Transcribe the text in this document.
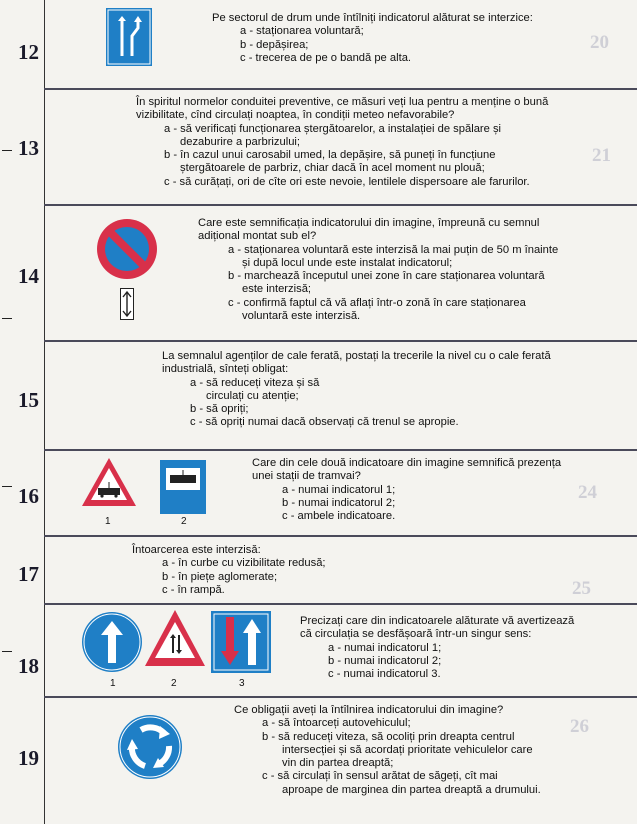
20
21
24
25
26
12
Pe sectorul de drum unde întîlniți indicatorul alăturat se interzice:
a - staționarea voluntară;
b - depășirea;
c - trecerea de pe o bandă pe alta.
13
În spiritul normelor conduitei preventive, ce măsuri veți lua pentru a menține o bună
vizibilitate, cînd circulați noaptea, în condiții meteo nefavorabile?
a - să verificați funcționarea ștergătoarelor, a instalației de spălare și
dezaburire a parbrizului;
b - în cazul unui carosabil umed, la depășire, să puneți în funcțiune
ștergătoarele de parbriz, chiar dacă în acel moment nu plouă;
c - să curățați, ori de cîte ori este nevoie, lentilele dispersoare ale farurilor.
14
Care este semnificația indicatorului din imagine, împreună cu semnul
adițional montat sub el?
a - staționarea voluntară este interzisă la mai puțin de 50 m înainte
și după locul unde este instalat indicatorul;
b - marchează începutul unei zone în care staționarea voluntară
este interzisă;
c - confirmă faptul că vă aflați într-o zonă în care staționarea
voluntară este interzisă.
15
La semnalul agenților de cale ferată, postați la trecerile la nivel cu o cale ferată
industrială, sînteți obligat:
a - să reduceți viteza și să
circulați cu atenție;
b - să opriți;
c - să opriți numai dacă observați că trenul se apropie.
16
1	2
Care din cele două indicatoare din imagine semnifică prezența
unei stații de tramvai?
a - numai indicatorul 1;
b - numai indicatorul 2;
c - ambele indicatoare.
17
Întoarcerea este interzisă:
a - în curbe cu vizibilitate redusă;
b - în piețe aglomerate;
c - în rampă.
18
1	2	3
Precizați care din indicatoarele alăturate vă avertizează
că circulația se desfășoară într-un singur sens:
a - numai indicatorul 1;
b - numai indicatorul 2;
c - numai indicatorul 3.
19
Ce obligații aveți la întîlnirea indicatorului din imagine?
a - să întoarceți autovehiculul;
b - să reduceți viteza, să ocoliți prin dreapta centrul
intersecției și să acordați prioritate vehiculelor care
vin din partea dreaptă;
c - să circulați în sensul arătat de săgeți, cît mai
aproape de marginea din partea dreaptă a drumului.
